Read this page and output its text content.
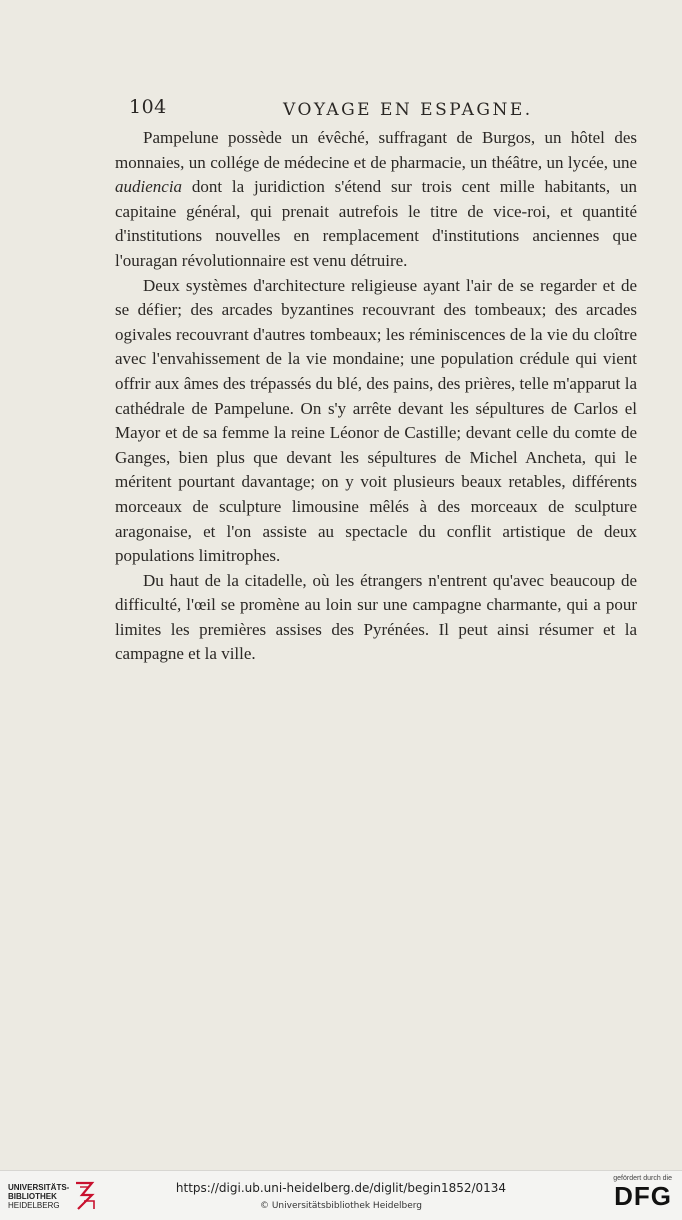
104	VOYAGE EN ESPAGNE.

Pampelune possède un évêché, suffragant de Burgos, un hôtel des monnaies, un collége de médecine et de pharmacie, un théâtre, un lycée, une audiencia dont la juridiction s'étend sur trois cent mille habitants, un capitaine général, qui prenait autrefois le titre de vice-roi, et quantité d'institutions nouvelles en remplacement d'institutions anciennes que l'ouragan révolutionnaire est venu détruire.

Deux systèmes d'architecture religieuse ayant l'air de se regarder et de se défier; des arcades byzantines recouvrant des tombeaux; des arcades ogivales recouvrant d'autres tombeaux; les réminiscences de la vie du cloître avec l'envahissement de la vie mondaine; une population crédule qui vient offrir aux âmes des trépassés du blé, des pains, des prières, telle m'apparut la cathédrale de Pampelune. On s'y arrête devant les sépultures de Carlos el Mayor et de sa femme la reine Léonor de Castille; devant celle du comte de Ganges, bien plus que devant les sépultures de Michel Ancheta, qui le méritent pourtant davantage; on y voit plusieurs beaux retables, différents morceaux de sculpture limousine mêlés à des morceaux de sculpture aragonaise, et l'on assiste au spectacle du conflit artistique de deux populations limitrophes.

Du haut de la citadelle, où les étrangers n'entrent qu'avec beaucoup de difficulté, l'œil se promène au loin sur une campagne charmante, qui a pour limites les premières assises des Pyrénées. Il peut ainsi résumer et la campagne et la ville.

UNIVERSITÄTS-
BIBLIOTHEK
HEIDELBERG
https://digi.ub.uni-heidelberg.de/diglit/begin1852/0134
© Universitätsbibliothek Heidelberg
gefördert durch die
DFG
